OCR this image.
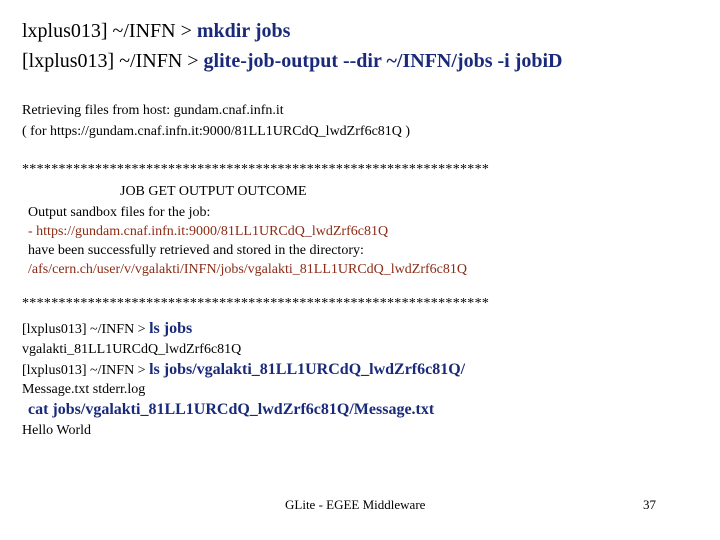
lxplus013] ~/INFN > mkdir jobs
[lxplus013] ~/INFN > glite-job-output --dir ~/INFN/jobs -i jobiD
Retrieving files from host: gundam.cnaf.infn.it
( for https://gundam.cnaf.infn.it:9000/81LL1URCdQ_lwdZrf6c81Q )
****************************************************************
JOB GET OUTPUT OUTCOME
Output sandbox files for the job:
- https://gundam.cnaf.infn.it:9000/81LL1URCdQ_lwdZrf6c81Q
have been successfully retrieved and stored in the directory:
/afs/cern.ch/user/v/vgalakti/INFN/jobs/vgalakti_81LL1URCdQ_lwdZrf6c81Q
****************************************************************
[lxplus013] ~/INFN > ls jobs
vgalakti_81LL1URCdQ_lwdZrf6c81Q
[lxplus013] ~/INFN > ls jobs/vgalakti_81LL1URCdQ_lwdZrf6c81Q/
Message.txt stderr.log
cat jobs/vgalakti_81LL1URCdQ_lwdZrf6c81Q/Message.txt
Hello World
GLite - EGEE Middleware	37
